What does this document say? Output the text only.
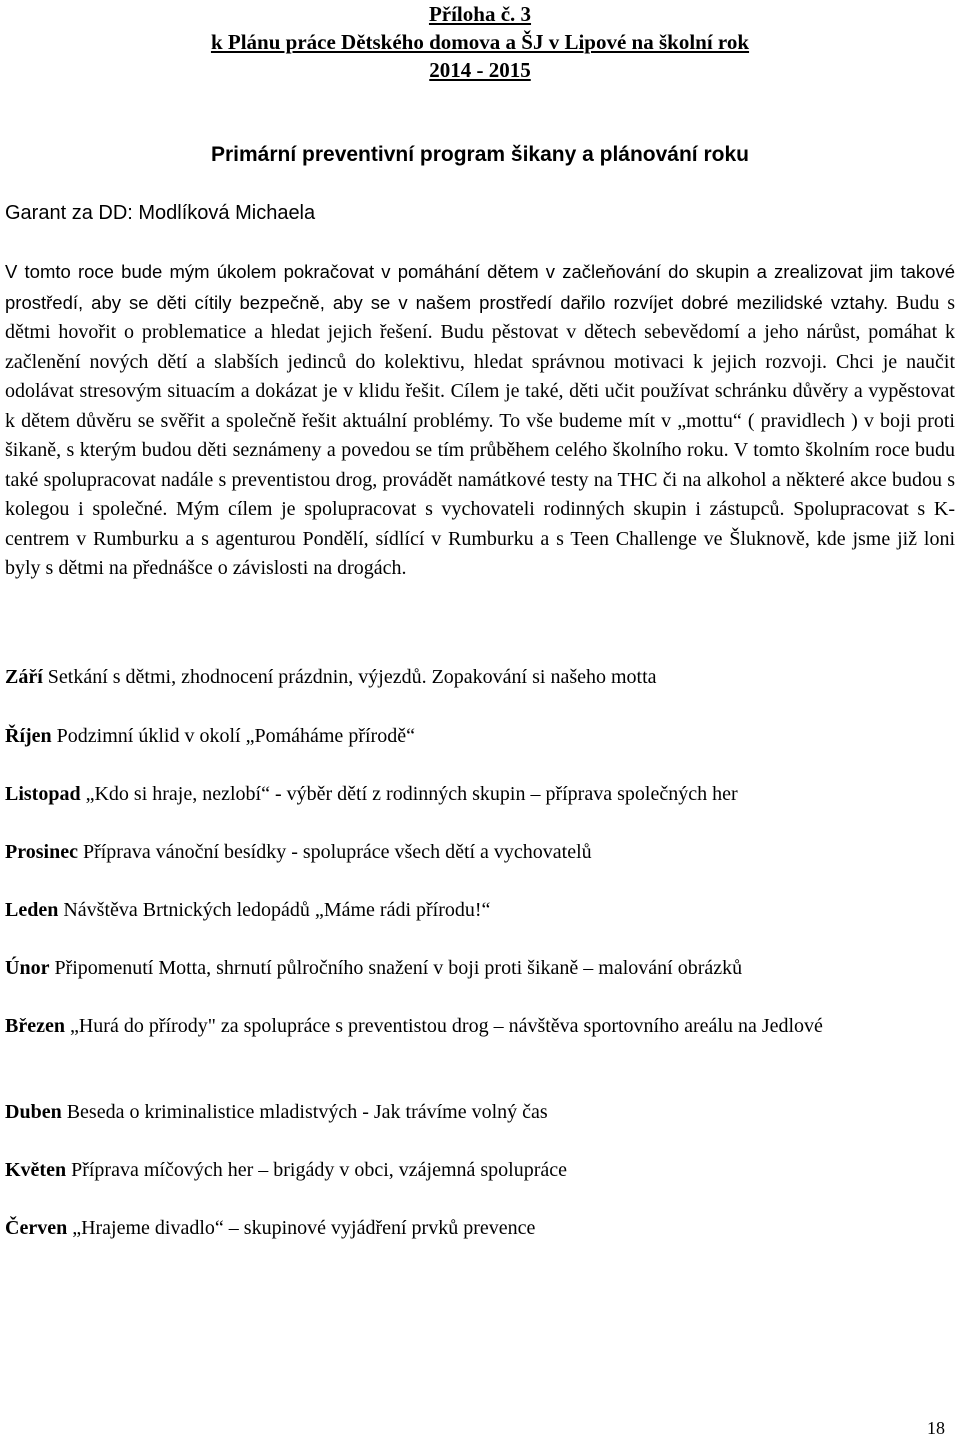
Příloha č. 3

k Plánu práce Dětského domova a ŠJ v Lipové na školní rok

2014 - 2015

Primární preventivní program šikany a plánování roku

Garant za DD: Modlíková Michaela

V tomto roce bude mým úkolem pokračovat v pomáhání dětem v začleňování do skupin a zrealizovat jim takové prostředí, aby se děti cítily bezpečně, aby se v našem prostředí dařilo rozvíjet dobré mezilidské vztahy. Budu s dětmi hovořit o problematice a hledat jejich řešení. Budu pěstovat v dětech sebevědomí a jeho nárůst, pomáhat k začlenění nových dětí a slabších jedinců do kolektivu, hledat správnou motivaci k jejich rozvoji. Chci je naučit odolávat stresovým situacím a dokázat je v klidu řešit. Cílem je také, děti učit používat schránku důvěry a vypěstovat k dětem důvěru se svěřit a společně řešit aktuální problémy. To vše budeme mít v „mottu“ ( pravidlech ) v boji proti šikaně, s kterým budou děti seznámeny a povedou se tím průběhem celého školního roku. V tomto školním roce budu také spolupracovat nadále s preventistou drog, provádět namátkové testy na THC či na alkohol a některé akce budou s kolegou i společné. Mým cílem je spolupracovat s vychovateli rodinných skupin i zástupců. Spolupracovat s K- centrem v Rumburku a s agenturou Pondělí, sídlící v Rumburku a s Teen Challenge ve Šluknově, kde jsme již loni byly s dětmi na přednášce o závislosti na drogách.

Září Setkání s dětmi, zhodnocení prázdnin, výjezdů. Zopakování si našeho motta

Říjen Podzimní úklid v okolí „Pomáháme přírodě“

Listopad „Kdo si hraje, nezlobí“ - výběr dětí z rodinných skupin – příprava společných her

Prosinec Příprava vánoční besídky - spolupráce všech dětí a vychovatelů

Leden Návštěva Brtnických ledopádů „Máme rádi přírodu!“

Únor Připomenutí Motta, shrnutí půlročního snažení v boji proti šikaně – malování obrázků

Březen „Hurá do přírody" za spolupráce s preventistou drog – návštěva sportovního areálu na Jedlové

Duben Beseda o kriminalistice mladistvých - Jak trávíme volný čas

Květen Příprava míčových her – brigády v obci, vzájemná spolupráce

Červen „Hrajeme divadlo“ – skupinové vyjádření prvků prevence

18
